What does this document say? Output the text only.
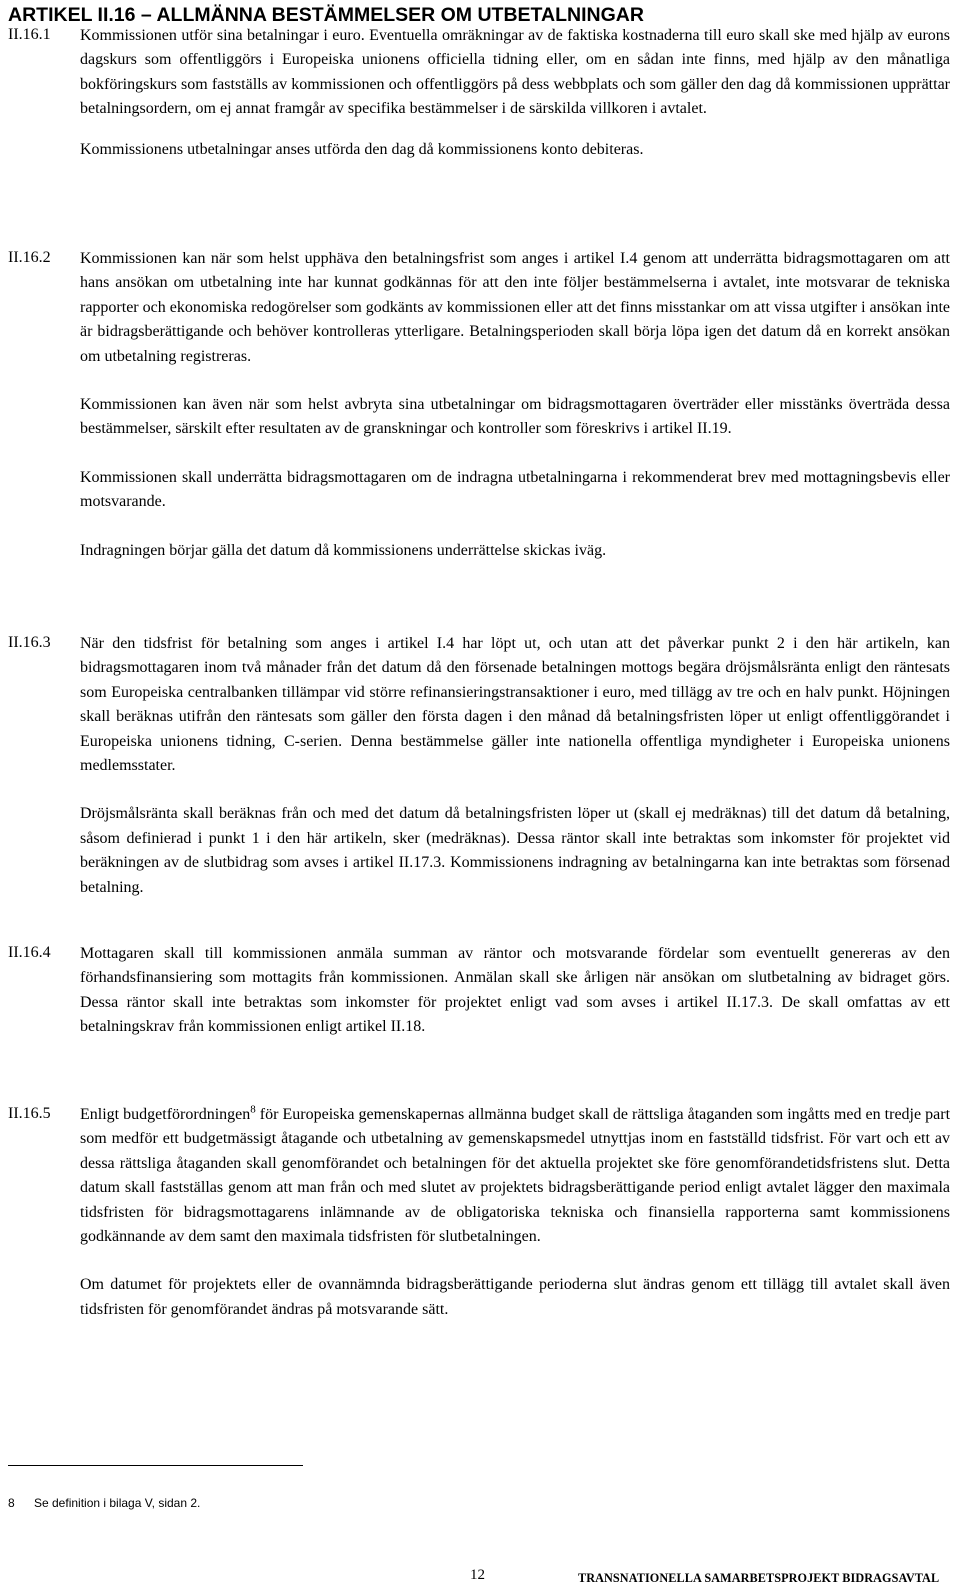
ARTIKEL II.16 – ALLMÄNNA BESTÄMMELSER OM UTBETALNINGAR
II.16.1 Kommissionen utför sina betalningar i euro. Eventuella omräkningar av de faktiska kostnaderna till euro skall ske med hjälp av eurons dagskurs som offentliggörs i Europeiska unionens officiella tidning eller, om en sådan inte finns, med hjälp av den månatliga bokföringskurs som fastställs av kommissionen och offentliggörs på dess webbplats och som gäller den dag då kommissionen upprättar betalningsordern, om ej annat framgår av specifika bestämmelser i de särskilda villkoren i avtalet.

Kommissionens utbetalningar anses utförda den dag då kommissionens konto debiteras.

II.16.2 Kommissionen kan när som helst upphäva den betalningsfrist som anges i artikel I.4 genom att underrätta bidragsmottagaren om att hans ansökan om utbetalning inte har kunnat godkännas för att den inte följer bestämmelserna i avtalet, inte motsvarar de tekniska rapporter och ekonomiska redogörelser som godkänts av kommissionen eller att det finns misstankar om att vissa utgifter i ansökan inte är bidragsberättigande och behöver kontrolleras ytterligare. Betalningsperioden skall börja löpa igen det datum då en korrekt ansökan om utbetalning registreras.

Kommissionen kan även när som helst avbryta sina utbetalningar om bidragsmottagaren överträder eller misstänks överträda dessa bestämmelser, särskilt efter resultaten av de granskningar och kontroller som föreskrivs i artikel II.19.

Kommissionen skall underrätta bidragsmottagaren om de indragna utbetalningarna i rekommenderat brev med mottagningsbevis eller motsvarande.

Indragningen börjar gälla det datum då kommissionens underrättelse skickas iväg.

II.16.3 När den tidsfrist för betalning som anges i artikel I.4 har löpt ut, och utan att det påverkar punkt 2 i den här artikeln, kan bidragsmottagaren inom två månader från det datum då den försenade betalningen mottogs begära dröjsmålsränta enligt den räntesats som Europeiska centralbanken tillämpar vid större refinansieringstransaktioner i euro, med tillägg av tre och en halv punkt. Höjningen skall beräknas utifrån den räntesats som gäller den första dagen i den månad då betalningsfristen löper ut enligt offentliggörandet i Europeiska unionens tidning, C-serien. Denna bestämmelse gäller inte nationella offentliga myndigheter i Europeiska unionens medlemsstater.

Dröjsmålsränta skall beräknas från och med det datum då betalningsfristen löper ut (skall ej medräknas) till det datum då betalning, såsom definierad i punkt 1 i den här artikeln, sker (medräknas). Dessa räntor skall inte betraktas som inkomster för projektet vid beräkningen av de slutbidrag som avses i artikel II.17.3. Kommissionens indragning av betalningarna kan inte betraktas som försenad betalning.

II.16.4 Mottagaren skall till kommissionen anmäla summan av räntor och motsvarande fördelar som eventuellt genereras av den förhandsfinansiering som mottagits från kommissionen. Anmälan skall ske årligen när ansökan om slutbetalning av bidraget görs. Dessa räntor skall inte betraktas som inkomster för projektet enligt vad som avses i artikel II.17.3. De skall omfattas av ett betalningskrav från kommissionen enligt artikel II.18.

II.16.5 Enligt budgetförordningen$^8$ för Europeiska gemenskapernas allmänna budget skall de rättsliga åtaganden som ingåtts med en tredje part som medför ett budgetmässigt åtagande och utbetalning av gemenskapsmedel utnyttjas inom en fastställd tidsfrist. För vart och ett av dessa rättsliga åtaganden skall genomförandet och betalningen för det aktuella projektet ske före genomförandetidsfristens slut. Detta datum skall fastställas genom att man från och med slutet av projektets bidragsberättigande period enligt avtalet lägger den maximala tidsfristen för bidragsmottagarens inlämnande av de obligatoriska tekniska och finansiella rapporterna samt kommissionens godkännande av dem samt den maximala tidsfristen för slutbetalningen.

Om datumet för projektets eller de ovannämnda bidragsberättigande perioderna slut ändras genom ett tillägg till avtalet skall även tidsfristen för genomförandet ändras på motsvarande sätt.

8 Se definition i bilaga V, sidan 2.
12	TRANSNATIONELLA SAMARBETSPROJEKT BIDRAGSAVTAL
